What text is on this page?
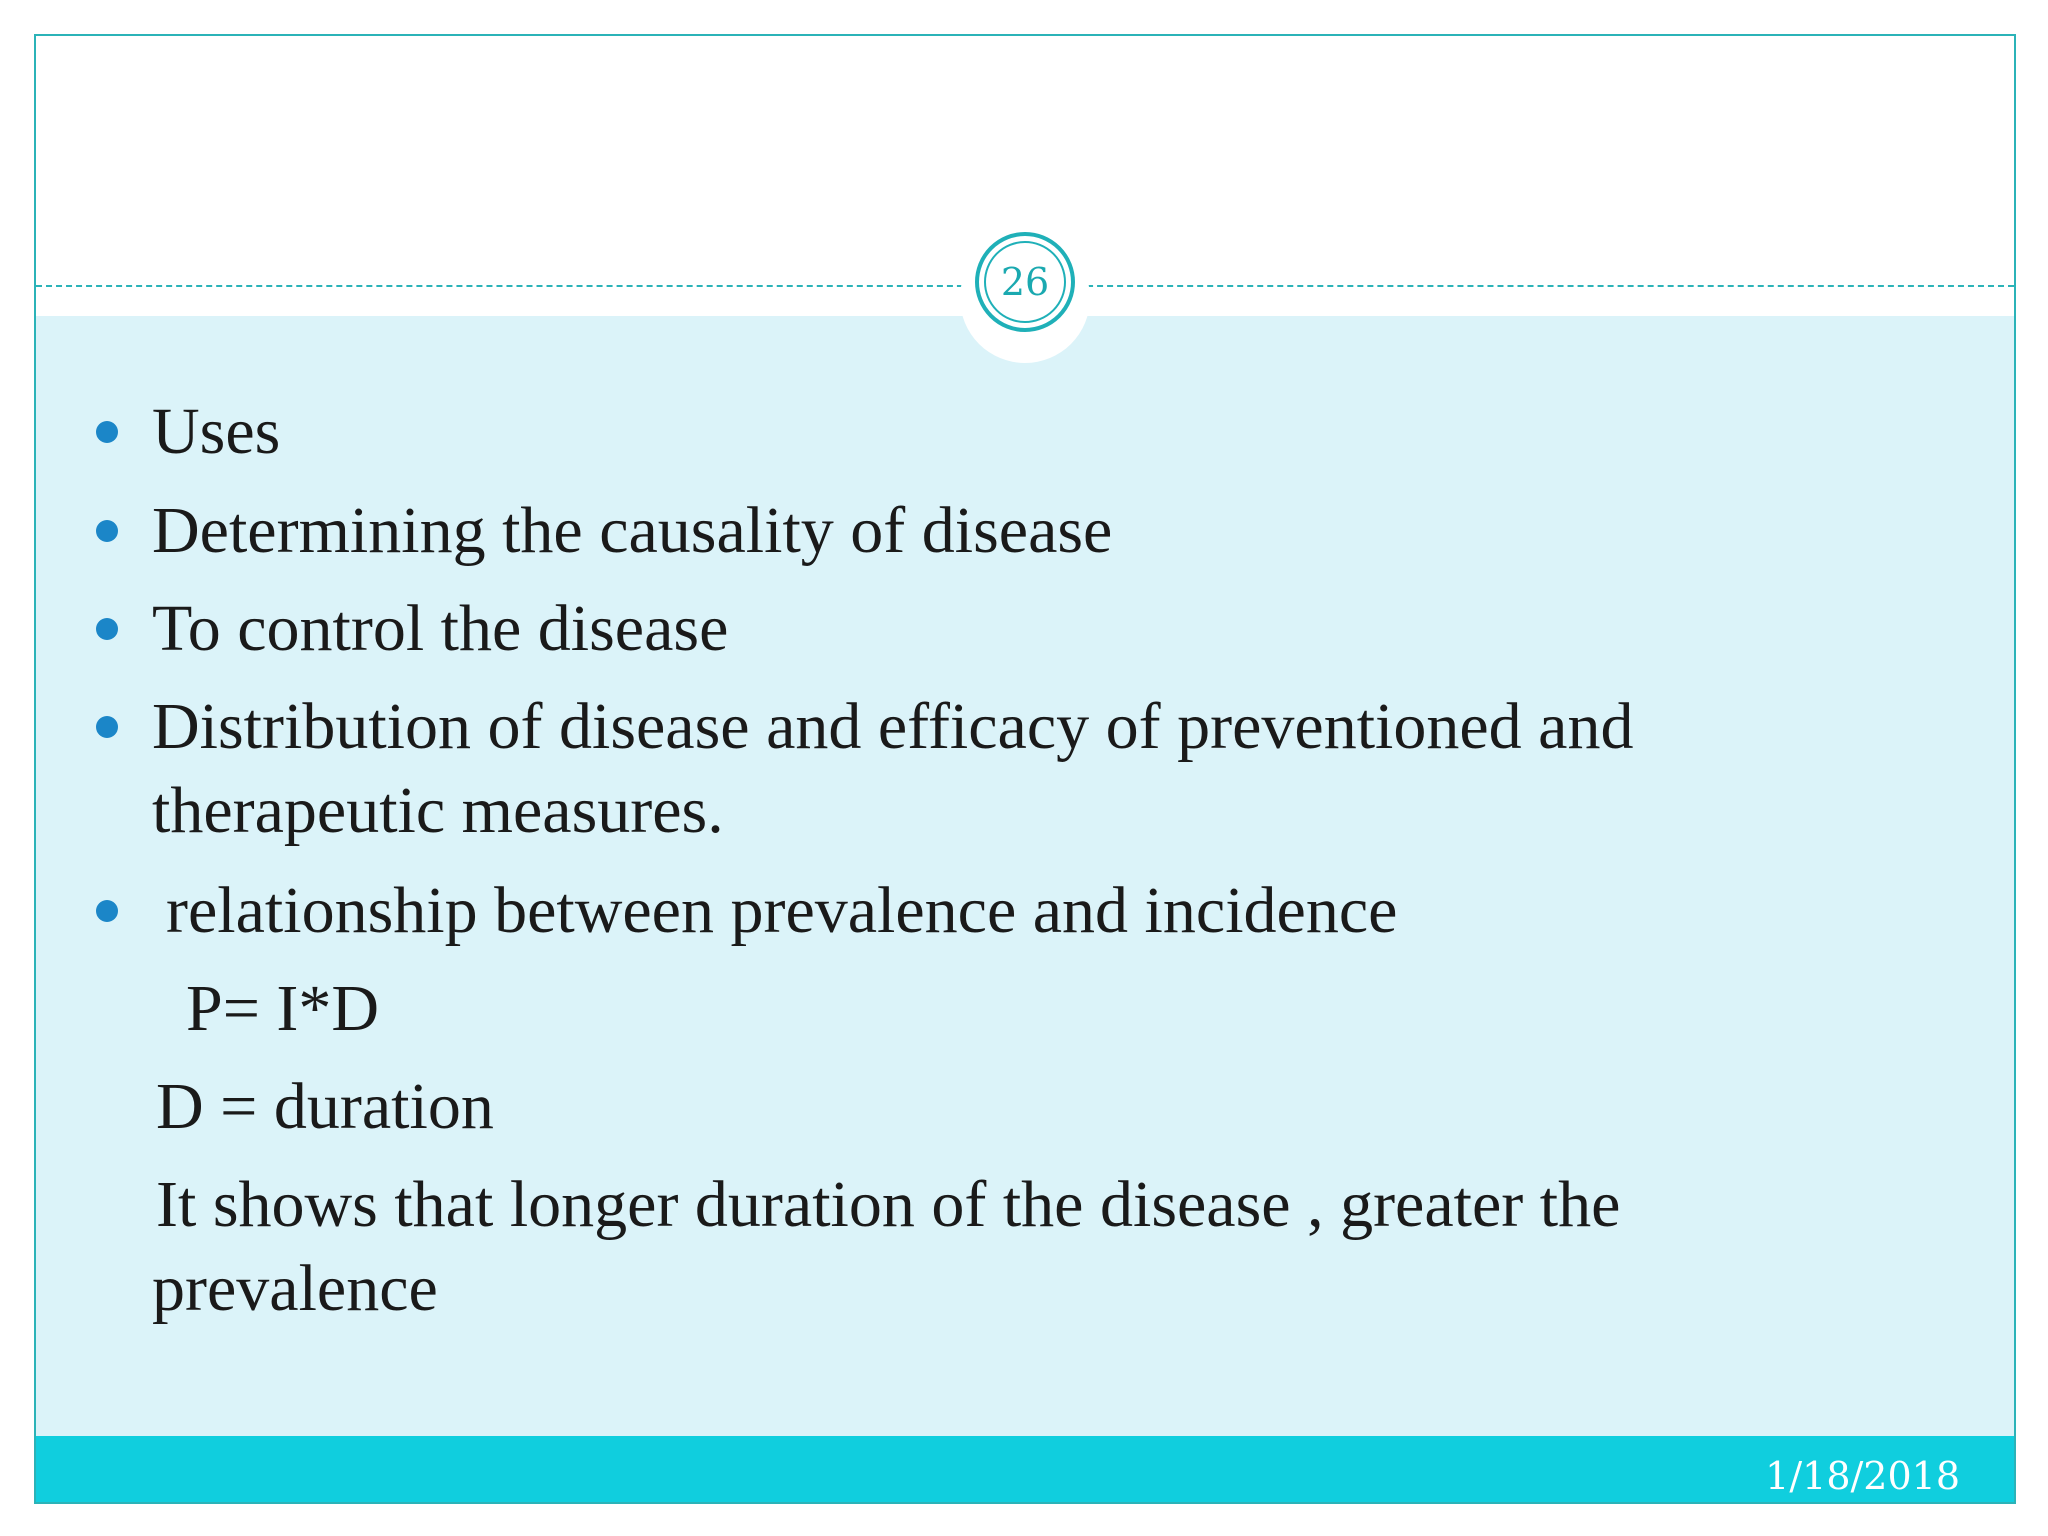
26
Uses
Determining the causality of disease
To control the disease
Distribution of disease and efficacy of preventioned and
therapeutic measures.
relationship between prevalence and incidence
P= I*D
D = duration
It shows that longer duration of the disease , greater the
prevalence
1/18/2018
